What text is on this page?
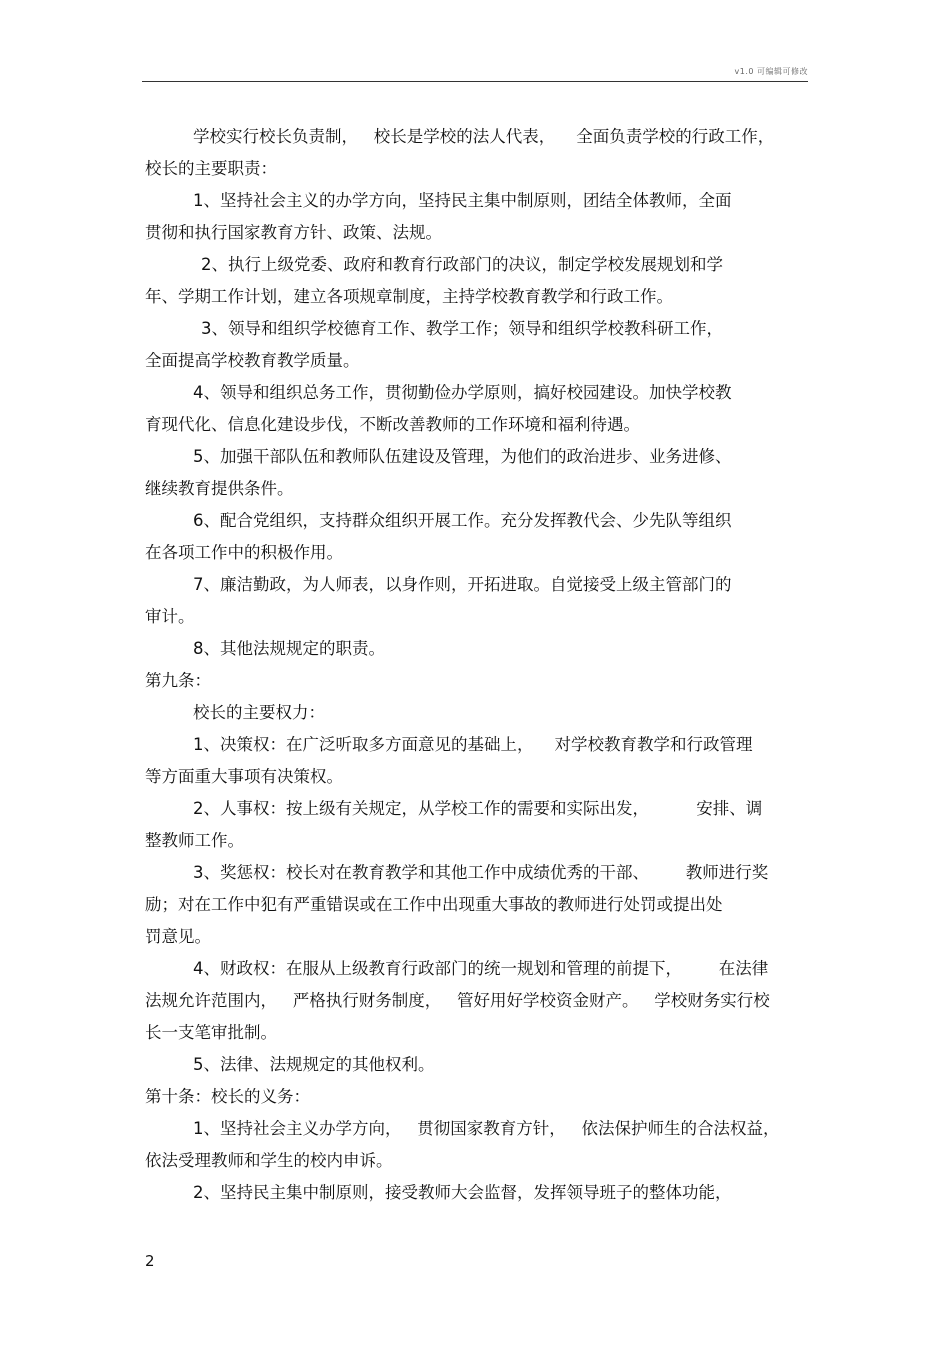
v1.0 可编辑可修改
学校实行校长负责制，   校长是学校的法人代表，    全面负责学校的行政工作，
校长的主要职责：
1、坚持社会主义的办学方向，坚持民主集中制原则，团结全体教师，全面
贯彻和执行国家教育方针、政策、法规。
2、执行上级党委、政府和教育行政部门的决议，制定学校发展规划和学
年、学期工作计划，建立各项规章制度，主持学校教育教学和行政工作。
3、领导和组织学校德育工作、教学工作；领导和组织学校教科研工作，
全面提高学校教育教学质量。
4、领导和组织总务工作，贯彻勤俭办学原则，搞好校园建设。加快学校教
育现代化、信息化建设步伐，不断改善教师的工作环境和福利待遇。
5、加强干部队伍和教师队伍建设及管理，为他们的政治进步、业务进修、
继续教育提供条件。
6、配合党组织，支持群众组织开展工作。充分发挥教代会、少先队等组织
在各项工作中的积极作用。
7、廉洁勤政，为人师表，以身作则，开拓进取。自觉接受上级主管部门的
审计。
8、其他法规规定的职责。
第九条：
校长的主要权力：
1、决策权：在广泛听取多方面意见的基础上，    对学校教育教学和行政管理
等方面重大事项有决策权。
2、人事权：按上级有关规定，从学校工作的需要和实际出发，         安排、调
整教师工作。
3、奖惩权：校长对在教育教学和其他工作中成绩优秀的干部、       教师进行奖
励；对在工作中犯有严重错误或在工作中出现重大事故的教师进行处罚或提出处
罚意见。
4、财政权：在服从上级教育行政部门的统一规划和管理的前提下，       在法律
法规允许范围内，   严格执行财务制度，   管好用好学校资金财产。   学校财务实行校
长一支笔审批制。
5、法律、法规规定的其他权利。
第十条：校长的义务：
1、坚持社会主义办学方向，   贯彻国家教育方针，   依法保护师生的合法权益，
依法受理教师和学生的校内申诉。
2、坚持民主集中制原则，接受教师大会监督，发挥领导班子的整体功能，
2
